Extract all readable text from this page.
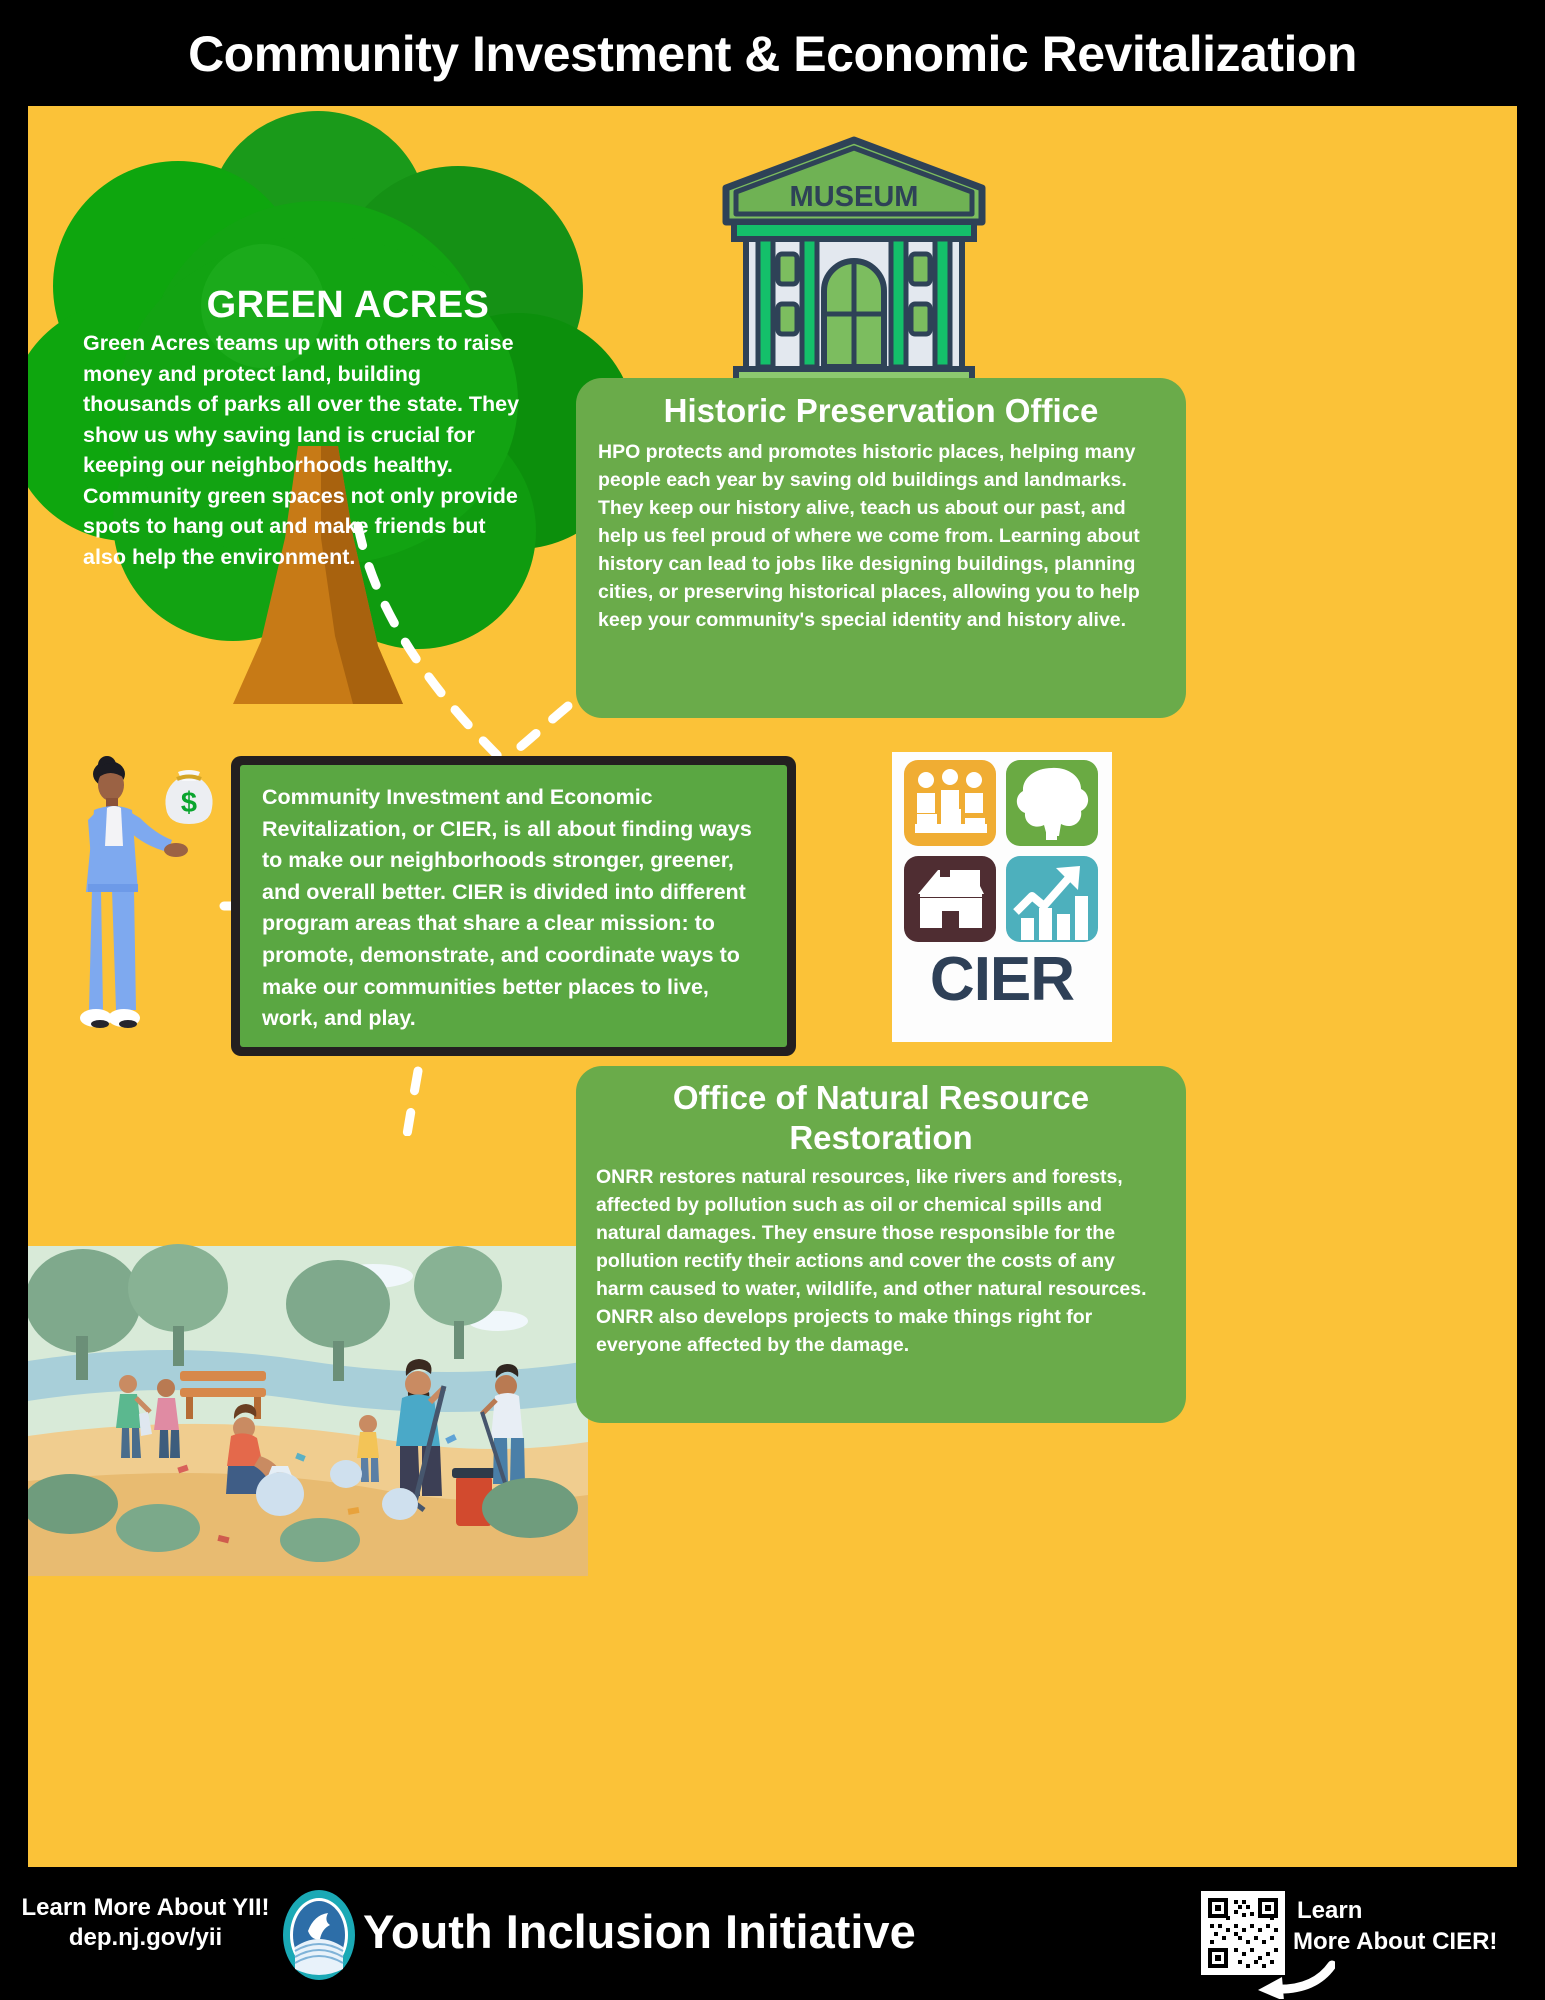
Community Investment & Economic Revitalization
GREEN ACRES
Green Acres teams up with others to raise money and protect land, building thousands of parks all over the state. They show us why saving land is crucial for keeping our neighborhoods healthy. Community green spaces not only provide spots to hang out and make friends but also help the environment.
MUSEUM
Historic Preservation Office
HPO protects and promotes historic places, helping many people each year by saving old buildings and landmarks. They keep our history alive, teach us about our past, and help us feel proud of where we come from. Learning about history can lead to jobs like designing buildings, planning cities, or preserving historical places, allowing you to help keep your community's special identity and history alive.

Community Investment and Economic Revitalization, or CIER, is all about finding ways to make our neighborhoods stronger, greener, and overall better. CIER is divided into different program areas that share a clear mission: to promote, demonstrate, and coordinate ways to make our communities better places to live, work, and play.

CIER
$
Office of Natural Resource Restoration
ONRR restores natural resources, like rivers and forests, affected by pollution such as oil or chemical spills and natural damages. They ensure those responsible for the pollution rectify their actions and cover the costs of any harm caused to water, wildlife, and other natural resources. ONRR also develops projects to make things right for everyone affected by the damage.
Learn More About YII!
dep.nj.gov/yii	Youth Inclusion Initiative	Learn
More About CIER!
